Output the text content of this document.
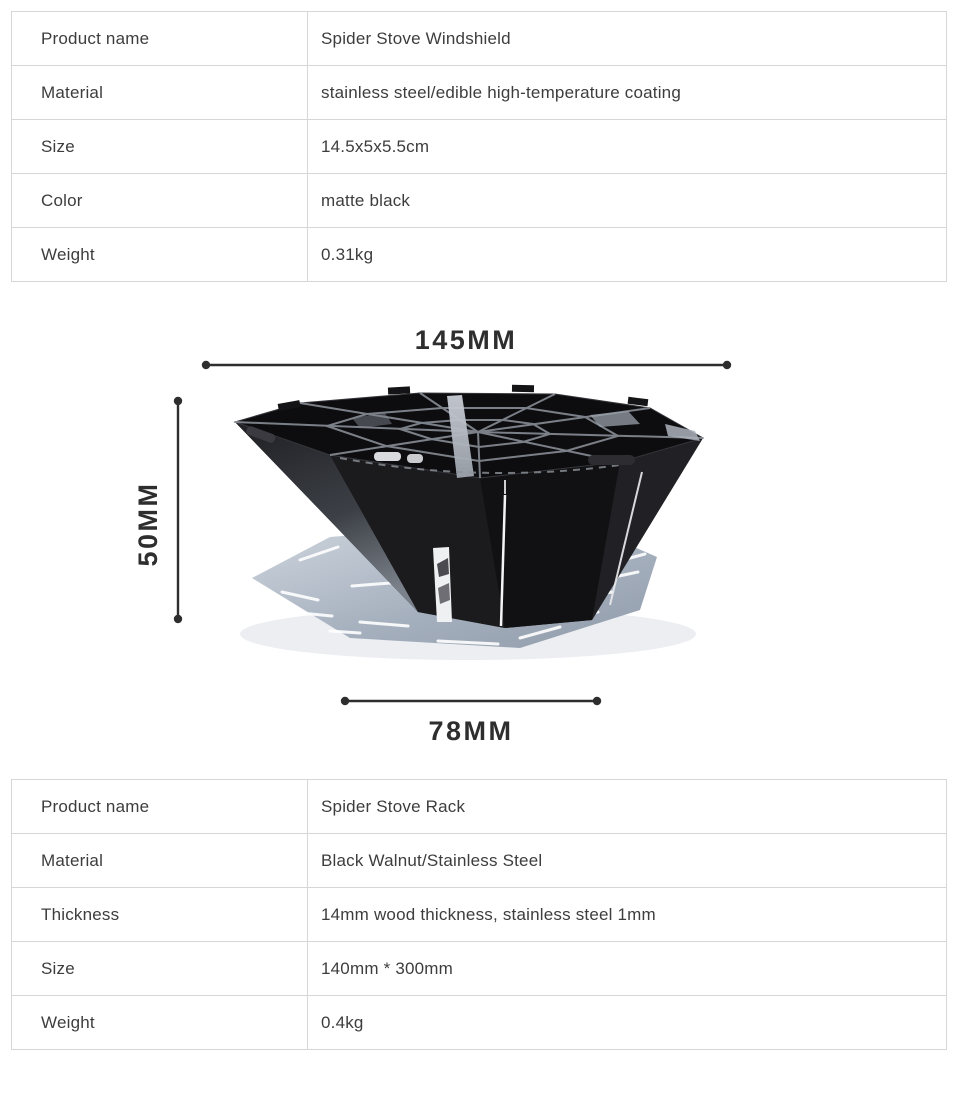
Product name	Spider Stove Windshield
Material	stainless steel/edible high-temperature coating
Size	14.5x5x5.5cm
Color	matte black
Weight	0.31kg
145MM
50MM
78MM
Product name	Spider Stove Rack
Material	Black Walnut/Stainless Steel
Thickness	14mm wood thickness, stainless steel 1mm
Size	140mm * 300mm
Weight	0.4kg
